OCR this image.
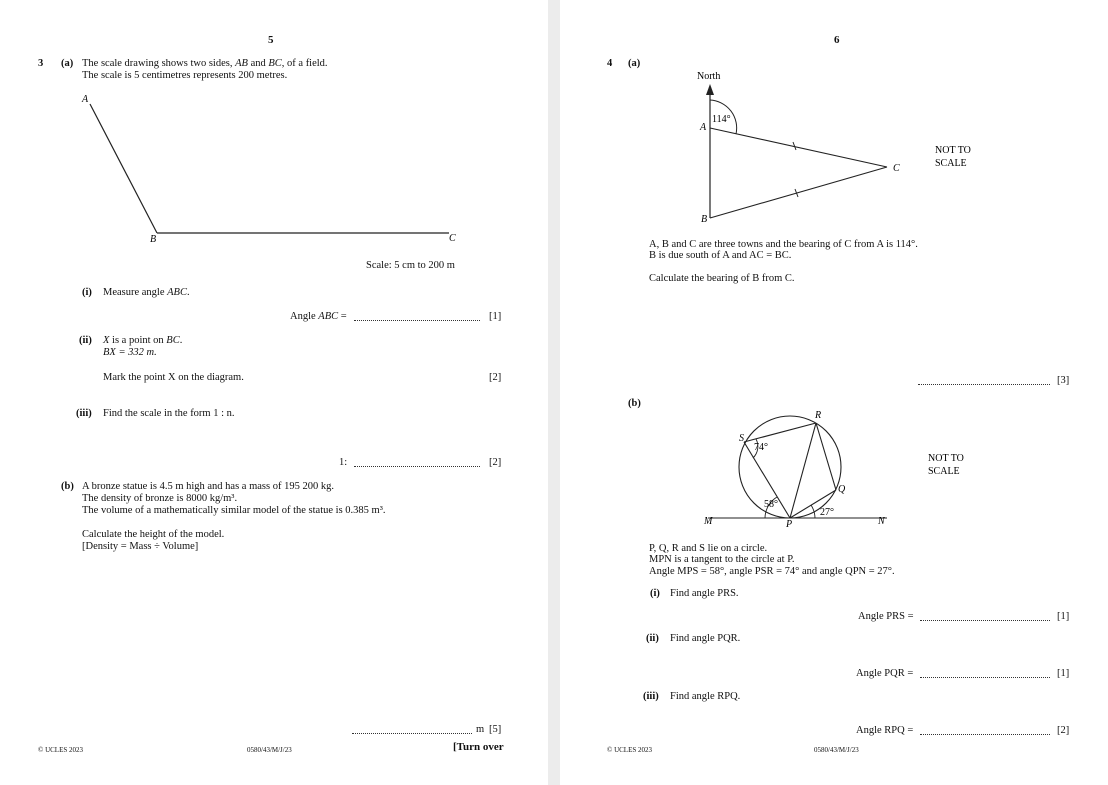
5
3 (a) The scale drawing shows two sides, AB and BC, of a field.
The scale is 5 centimetres represents 200 metres.
A
B	C
Scale: 5 cm to 200 m
(i) Measure angle ABC.
Angle ABC =	[1]
(ii) X is a point on BC.
BX = 332 m.
Mark the point X on the diagram.	[2]
(iii) Find the scale in the form 1 : n.
1:	[2]
(b) A bronze statue is 4.5 m high and has a mass of 195 200 kg.
The density of bronze is 8000 kg/m³.
The volume of a mathematically similar model of the statue is 0.385 m³.
Calculate the height of the model.
[Density = Mass ÷ Volume]
m [5]
© UCLES 2023	0580/43/M/J/23	[Turn over
6
4 (a)
North
114°
A
B
C
NOT TO
SCALE
A, B and C are three towns and the bearing of C from A is 114°.
B is due south of A and AC = BC.
Calculate the bearing of B from C.
[3]
(b)
R
S
Q
P
M	N
74°
58°
27°
NOT TO
SCALE
P, Q, R and S lie on a circle.
MPN is a tangent to the circle at P.
Angle MPS = 58°, angle PSR = 74° and angle QPN = 27°.
(i) Find angle PRS.
Angle PRS =	[1]
(ii) Find angle PQR.
Angle PQR =	[1]
(iii) Find angle RPQ.
Angle RPQ =	[2]
© UCLES 2023	0580/43/M/J/23
